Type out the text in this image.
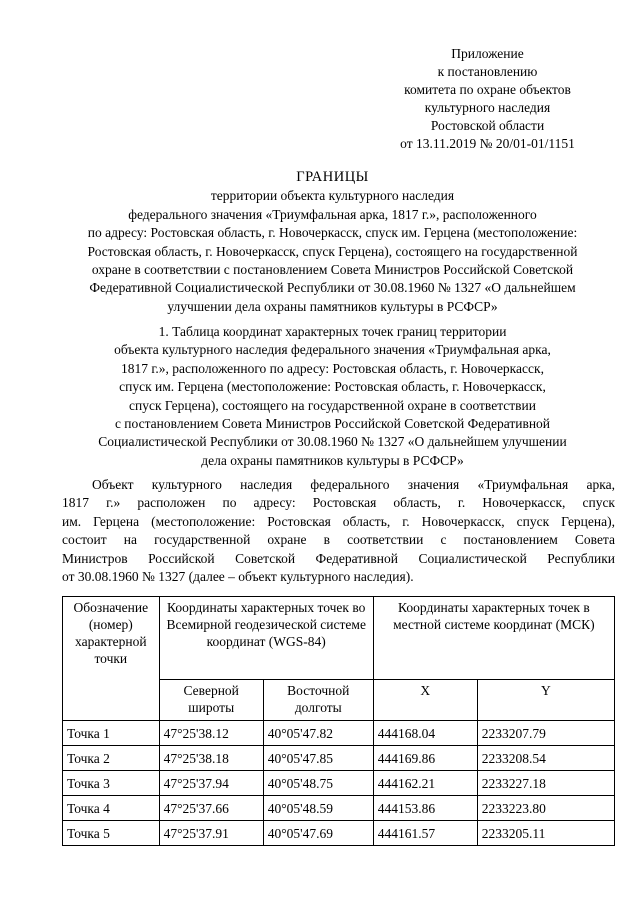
Приложение
к постановлению
комитета по охране объектов
культурного наследия
Ростовской области
от 13.11.2019 № 20/01-01/1151
ГРАНИЦЫ
территории объекта культурного наследия
федерального значения «Триумфальная арка, 1817 г.», расположенного
по адресу: Ростовская область, г. Новочеркасск, спуск им. Герцена (местоположение:
Ростовская область, г. Новочеркасск, спуск Герцена), состоящего на государственной
охране в соответствии с постановлением Совета Министров Российской Советской
Федеративной Социалистической Республики от 30.08.1960 № 1327 «О дальнейшем
улучшении дела охраны памятников культуры в РСФСР»
1. Таблица координат характерных точек границ территории
объекта культурного наследия федерального значения «Триумфальная арка,
1817 г.», расположенного по адресу: Ростовская область, г. Новочеркасск,
спуск им. Герцена (местоположение: Ростовская область, г. Новочеркасск,
спуск Герцена), состоящего на государственной охране в соответствии
с постановлением Совета Министров Российской Советской Федеративной
Социалистической Республики от 30.08.1960 № 1327 «О дальнейшем улучшении
дела охраны памятников культуры в РСФСР»
Объект культурного наследия федерального значения «Триумфальная арка,
1817 г.» расположен по адресу: Ростовская область, г. Новочеркасск, спуск
им. Герцена (местоположение: Ростовская область, г. Новочеркасск, спуск Герцена),
состоит на государственной охране в соответствии с постановлением Совета
Министров Российской Советской Федеративной Социалистической Республики
от 30.08.1960 № 1327 (далее – объект культурного наследия).
Обозначение (номер) характерной точки	Координаты характерных точек во Всемирной геодезической системе координат (WGS-84)		Координаты характерных точек в местной системе координат (МСК)	
	Северной широты	Восточной долготы	X	Y
Точка 1	47°25'38.12	40°05'47.82	444168.04	2233207.79
Точка 2	47°25'38.18	40°05'47.85	444169.86	2233208.54
Точка 3	47°25'37.94	40°05'48.75	444162.21	2233227.18
Точка 4	47°25'37.66	40°05'48.59	444153.86	2233223.80
Точка 5	47°25'37.91	40°05'47.69	444161.57	2233205.11
